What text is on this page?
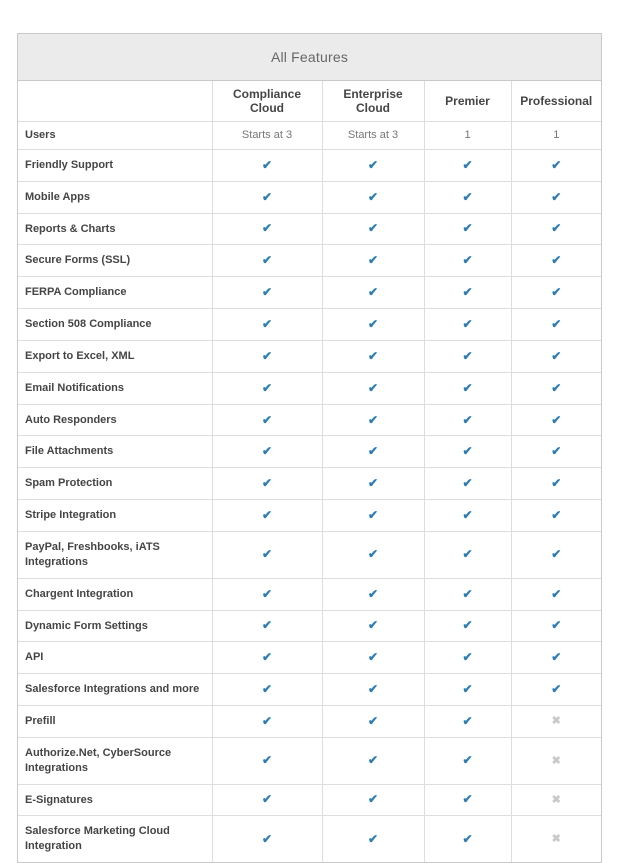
All Features
	Compliance Cloud	Enterprise Cloud	Premier	Professional
Users	Starts at 3	Starts at 3	1	1
Friendly Support	✔	✔	✔	✔
Mobile Apps	✔	✔	✔	✔
Reports & Charts	✔	✔	✔	✔
Secure Forms (SSL)	✔	✔	✔	✔
FERPA Compliance	✔	✔	✔	✔
Section 508 Compliance	✔	✔	✔	✔
Export to Excel, XML	✔	✔	✔	✔
Email Notifications	✔	✔	✔	✔
Auto Responders	✔	✔	✔	✔
File Attachments	✔	✔	✔	✔
Spam Protection	✔	✔	✔	✔
Stripe Integration	✔	✔	✔	✔
PayPal, Freshbooks, iATS Integrations	✔	✔	✔	✔
Chargent Integration	✔	✔	✔	✔
Dynamic Form Settings	✔	✔	✔	✔
API	✔	✔	✔	✔
Salesforce Integrations and more	✔	✔	✔	✔
Prefill	✔	✔	✔	✖
Authorize.Net, CyberSource Integrations	✔	✔	✔	✖
E-Signatures	✔	✔	✔	✖
Salesforce Marketing Cloud Integration	✔	✔	✔	✖
